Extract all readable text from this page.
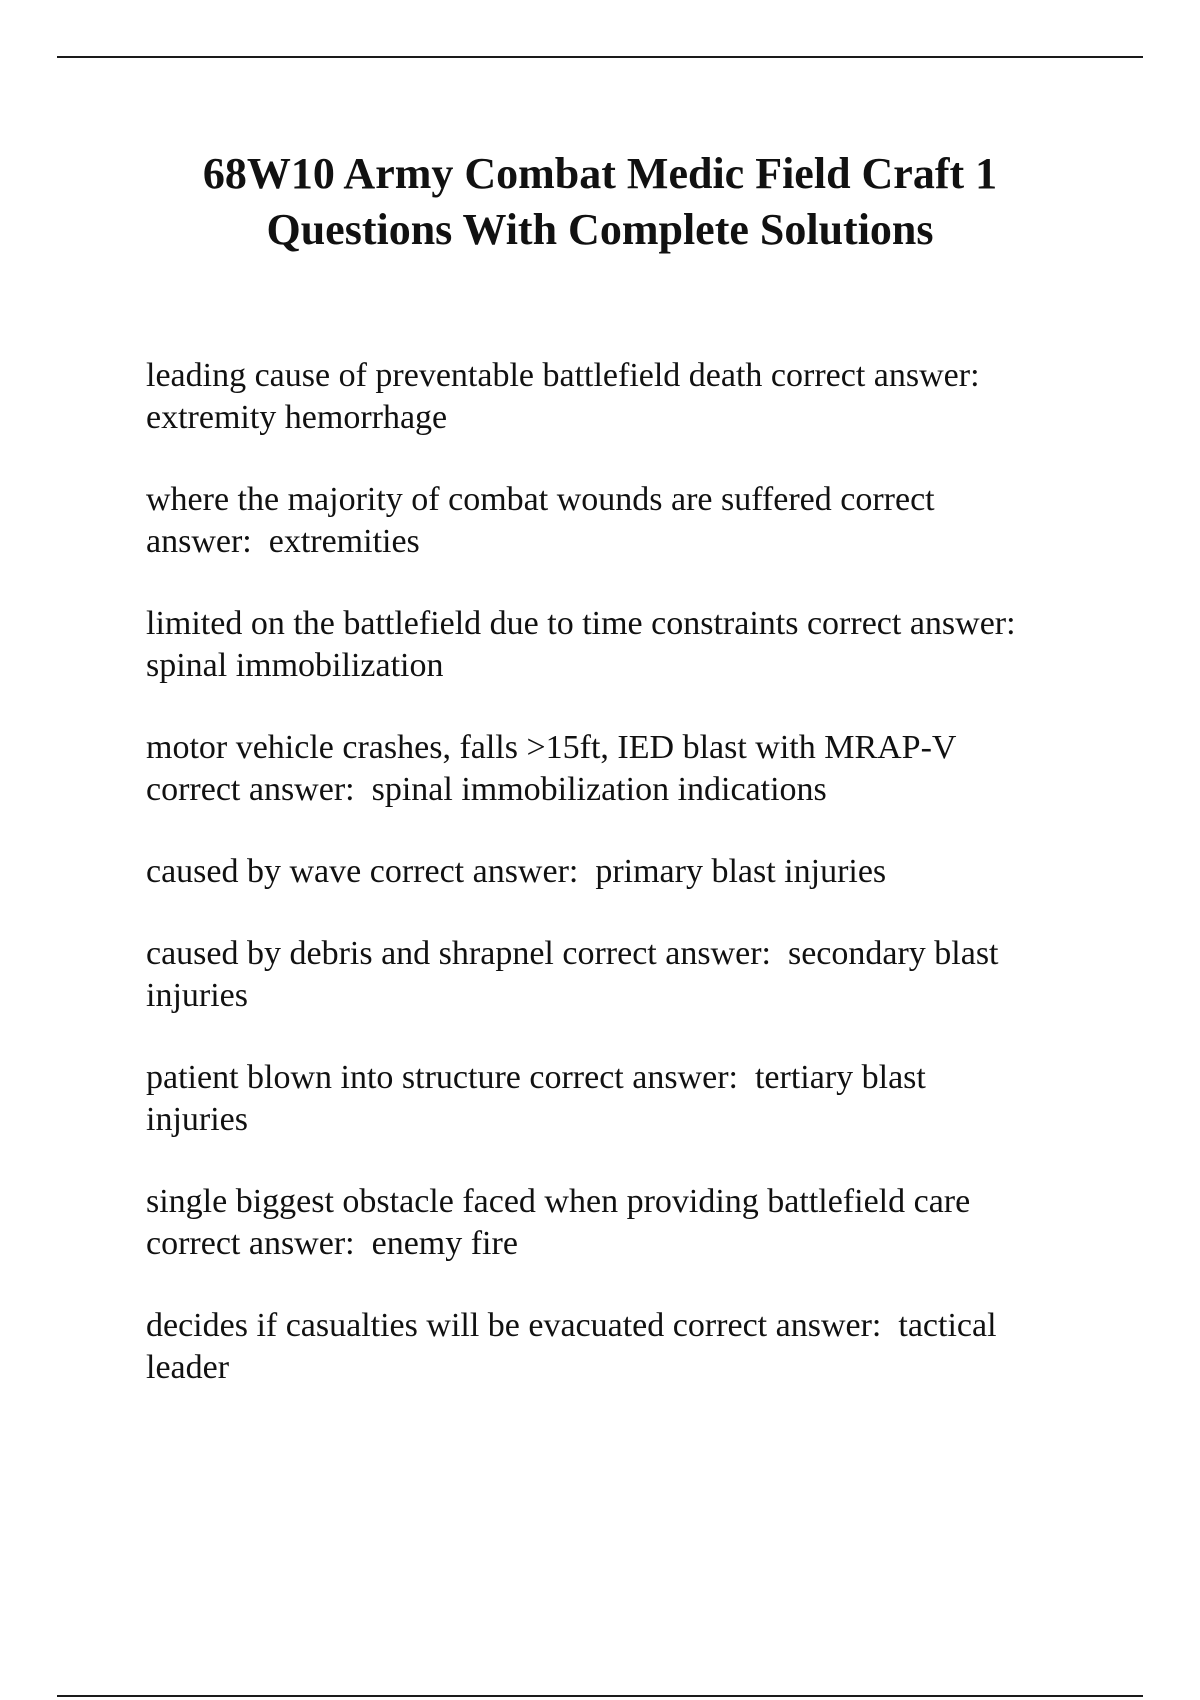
68W10 Army Combat Medic Field Craft 1
Questions With Complete Solutions
leading cause of preventable battlefield death correct answer:
extremity hemorrhage
where the majority of combat wounds are suffered correct
answer:  extremities
limited on the battlefield due to time constraints correct answer:
spinal immobilization
motor vehicle crashes, falls >15ft, IED blast with MRAP-V
correct answer:  spinal immobilization indications
caused by wave correct answer:  primary blast injuries
caused by debris and shrapnel correct answer:  secondary blast
injuries
patient blown into structure correct answer:  tertiary blast
injuries
single biggest obstacle faced when providing battlefield care
correct answer:  enemy fire
decides if casualties will be evacuated correct answer:  tactical
leader
